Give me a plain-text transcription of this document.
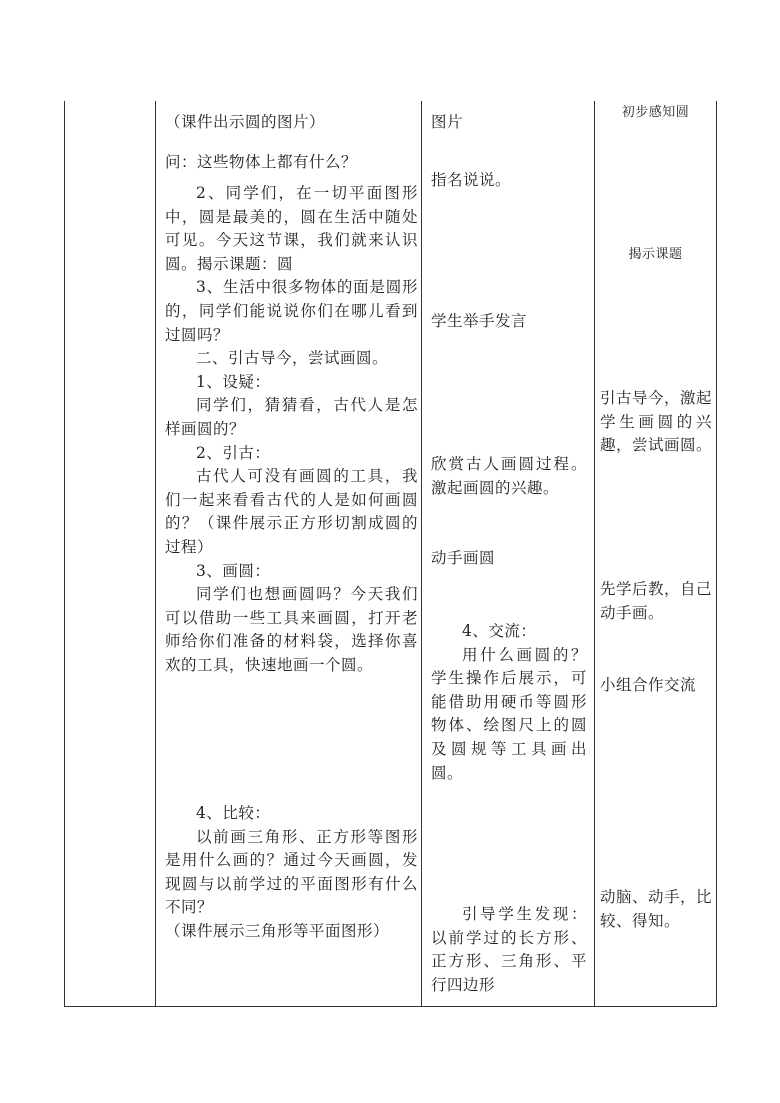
（课件出示圆的图片）

问：这些物体上都有什么？

2、同学们，在一切平面图形中，圆是最美的，圆在生活中随处可见。今天这节课，我们就来认识圆。揭示课题：圆

3、生活中很多物体的面是圆形的，同学们能说说你们在哪儿看到过圆吗？

二、引古导今，尝试画圆。

1、设疑：

同学们，猜猜看，古代人是怎样画圆的？

2、引古：

古代人可没有画圆的工具，我们一起来看看古代的人是如何画圆的？（课件展示正方形切割成圆的过程）

3、画圆：

同学们也想画圆吗？今天我们可以借助一些工具来画圆，打开老师给你们准备的材料袋，选择你喜欢的工具，快速地画一个圆。

4、比较：

以前画三角形、正方形等图形是用什么画的？通过今天画圆，发现圆与以前学过的平面图形有什么不同？

（课件展示三角形等平面图形）

图片

指名说说。

学生举手发言

欣赏古人画圆过程。激起画圆的兴趣。

动手画圆

4、交流：

用什么画圆的？学生操作后展示，可能借助用硬币等圆形物体、绘图尺上的圆及圆规等工具画出圆。

引导学生发现：以前学过的长方形、正方形、三角形、平行四边形

初步感知圆

揭示课题

引古导今，激起学生画圆的兴趣，尝试画圆。

先学后教，自己动手画。

小组合作交流

动脑、动手，比较、得知。
